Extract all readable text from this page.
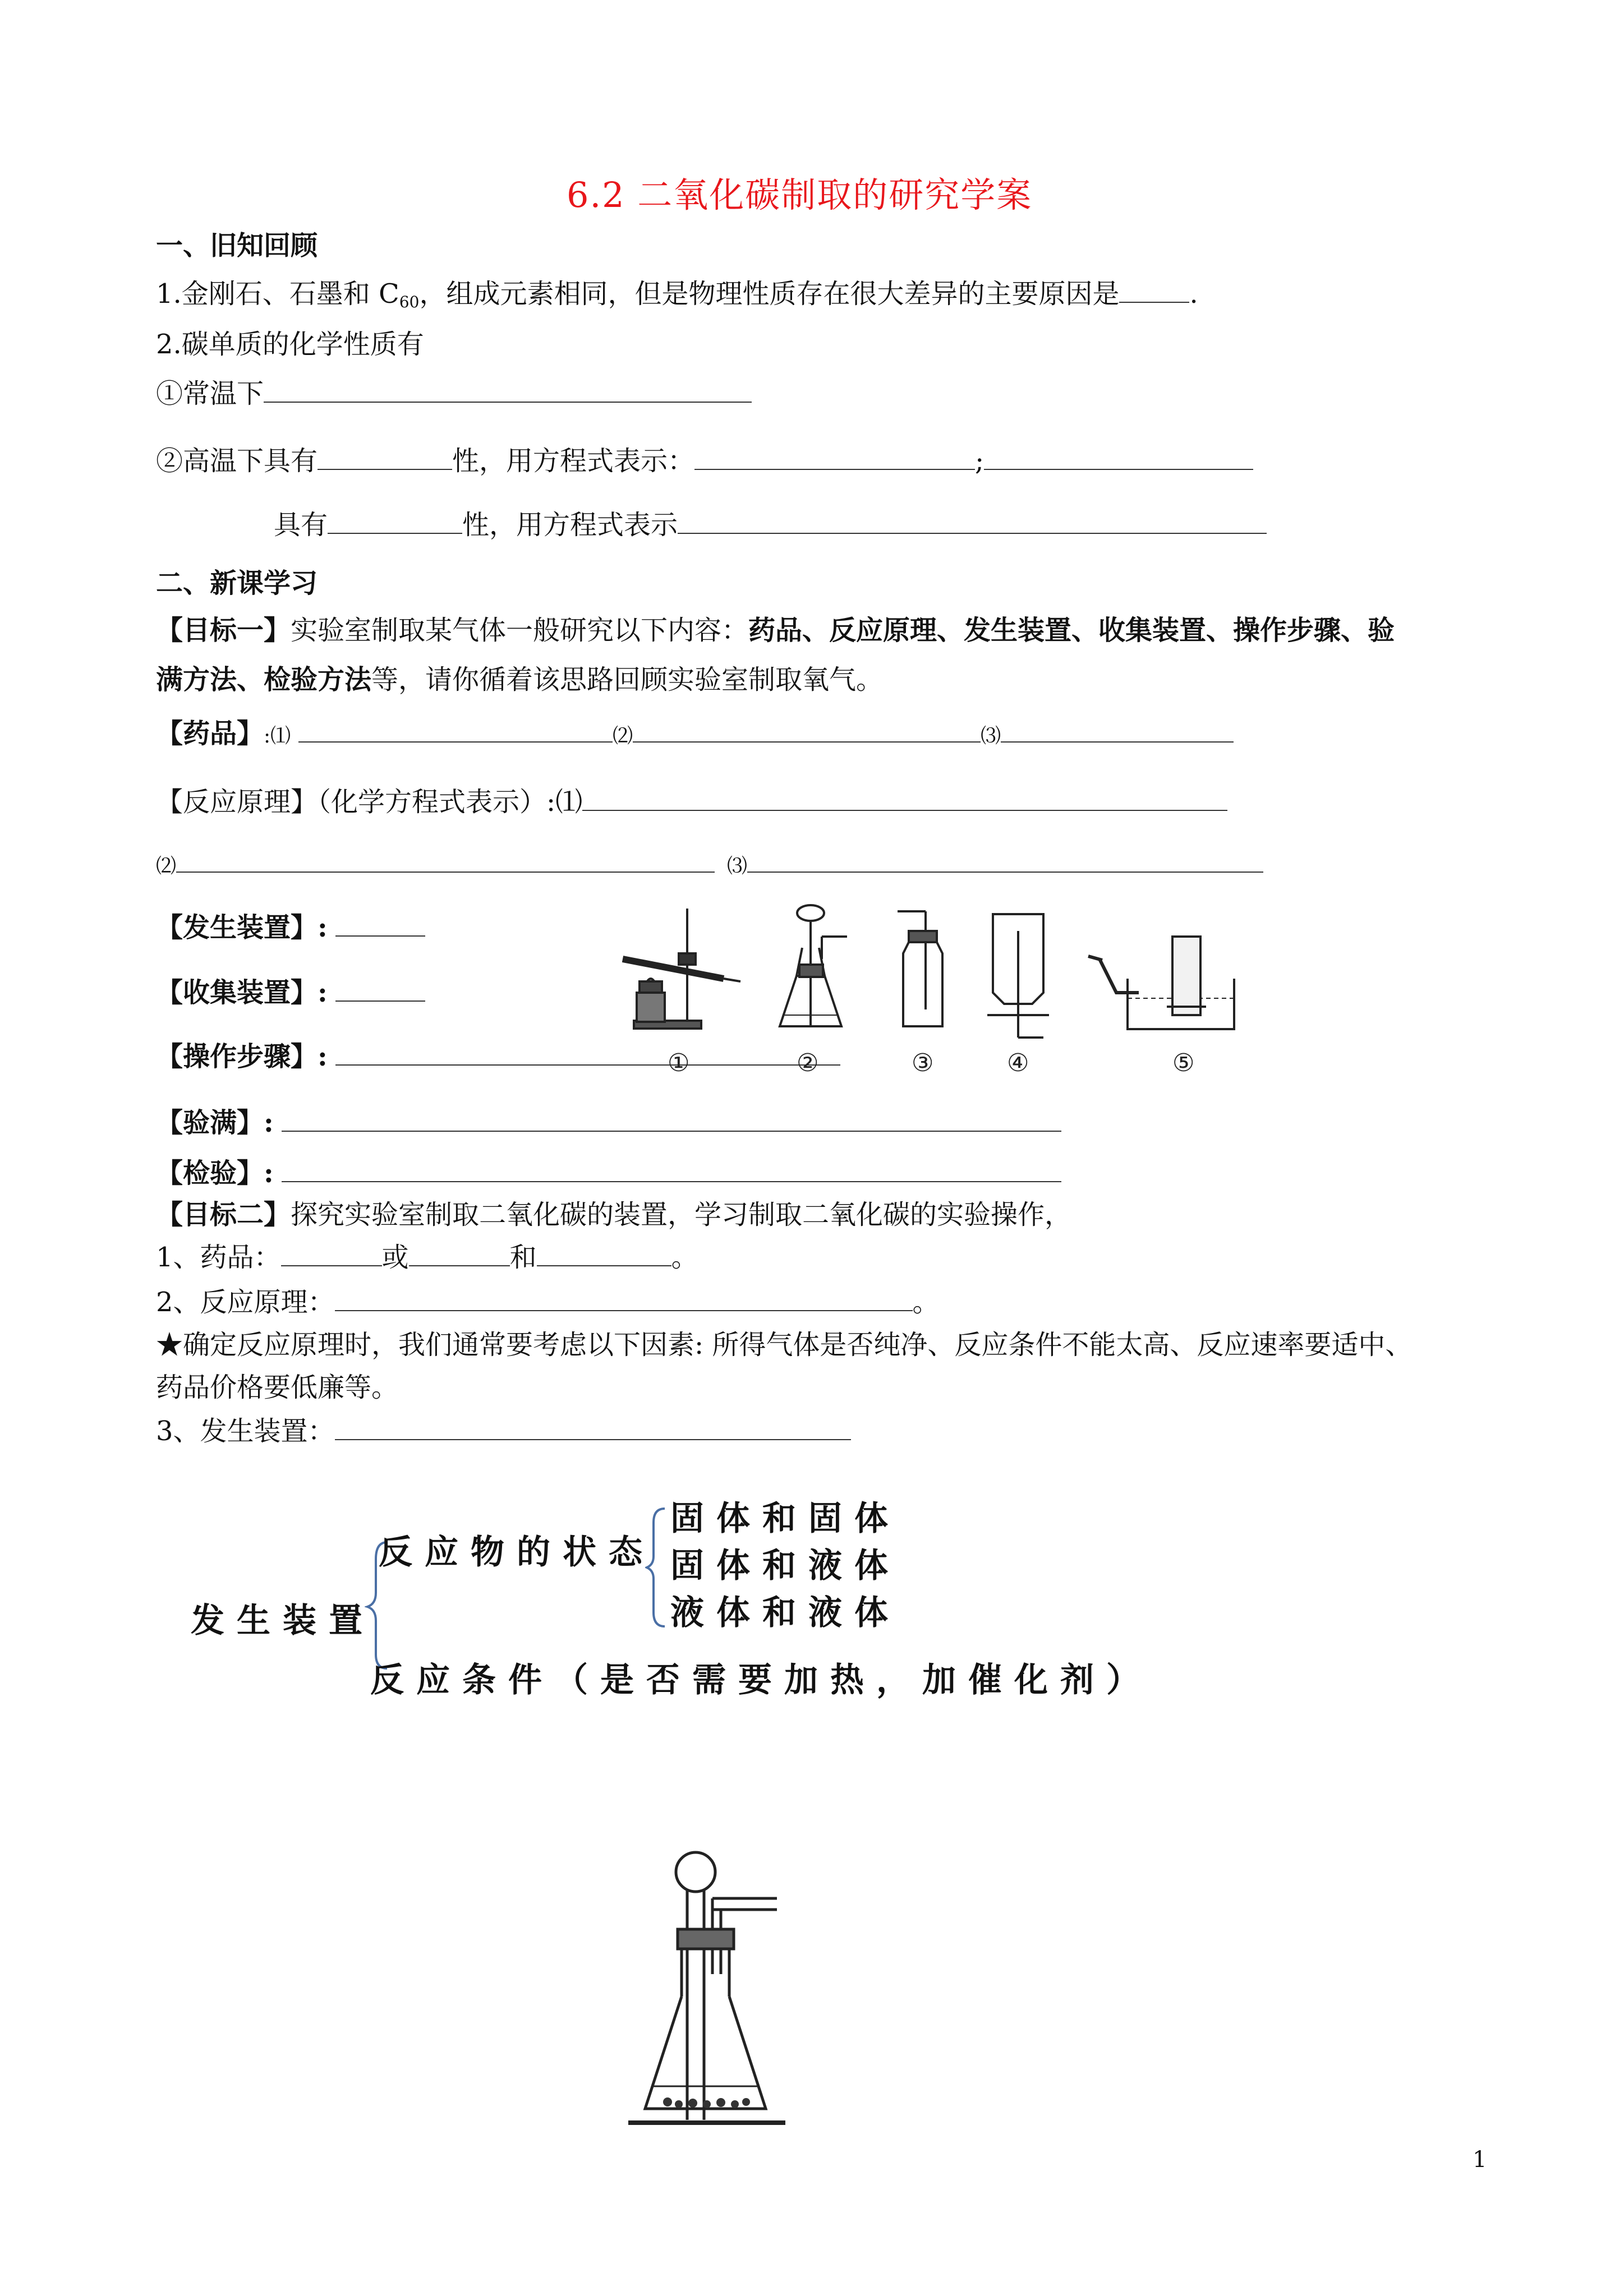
6.2 二氧化碳制取的研究学案
一、旧知回顾
1.金刚石、石墨和 $C_{60}$，组成元素相同，但是物理性质存在很大差异的主要原因是	.
2.碳单质的化学性质有
①常温下
②高温下具有	性，用方程式表示：	;
具有	性，用方程式表示
二、新课学习
【目标一】实验室制取某气体一般研究以下内容：药品、反应原理、发生装置、收集装置、操作步骤、验
满方法、检验方法等，请你循着该思路回顾实验室制取氧气。
【药品】:⑴	⑵	⑶
【反应原理】（化学方程式表示）:⑴
⑵	⑶
【发生装置】:
【收集装置】:
【操作步骤】:
【验满】:
【检验】:
①	②	③	④	⑤
【目标二】探究实验室制取二氧化碳的装置，学习制取二氧化碳的实验操作，
1、药品：	或	和	。
2、反应原理：	。
★确定反应原理时，我们通常要考虑以下因素: 所得气体是否纯净、反应条件不能太高、反应速率要适中、
药品价格要低廉等。
3、发生装置：
发生装置
反应物的状态
固体和固体
固体和液体
液体和液体
反应条件（是否需要加热，加催化剂）
1
